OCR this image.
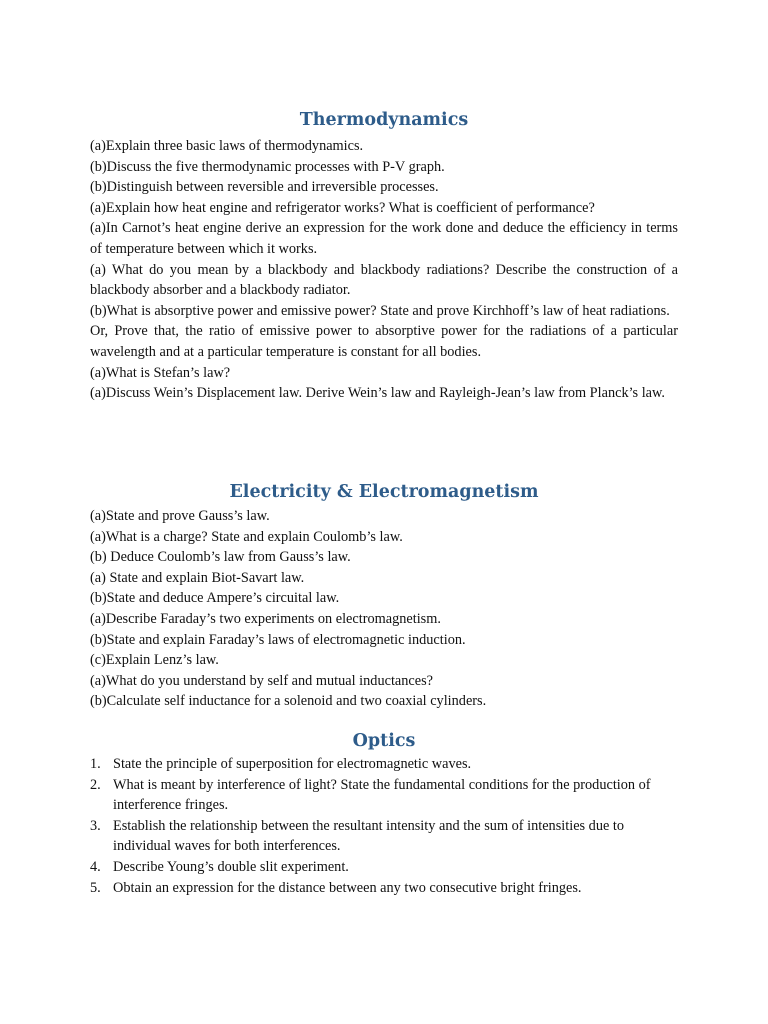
Thermodynamics

(a)Explain three basic laws of thermodynamics.

(b)Discuss the five thermodynamic processes with P-V graph.

(b)Distinguish between reversible and irreversible processes.

(a)Explain how heat engine and refrigerator works? What is coefficient of performance?

(a)In Carnot’s heat engine derive an expression for the work done and deduce the efficiency in terms of temperature between which it works.

(a) What do you mean by a blackbody and blackbody radiations? Describe the construction of a blackbody absorber and a blackbody radiator.

(b)What is absorptive power and emissive power? State and prove Kirchhoff’s law of heat radiations.

Or, Prove that, the ratio of emissive power to absorptive power for the radiations of a particular wavelength and at a particular temperature is constant for all bodies.

(a)What is Stefan’s law?

(a)Discuss Wein’s Displacement law. Derive Wein’s law and Rayleigh-Jean’s law from Planck’s law.

Electricity & Electromagnetism

(a)State and prove Gauss’s law.

(a)What is a charge? State and explain Coulomb’s law.

(b) Deduce Coulomb’s law from Gauss’s law.

(a) State and explain Biot-Savart law.

(b)State and deduce Ampere’s circuital law.

(a)Describe Faraday’s two experiments on electromagnetism.

(b)State and explain Faraday’s laws of electromagnetic induction.

(c)Explain Lenz’s law.

(a)What do you understand by self and mutual inductances?

(b)Calculate self inductance for a solenoid and two coaxial cylinders.

Optics
1. State the principle of superposition for electromagnetic waves.
2. What is meant by interference of light? State the fundamental conditions for the production of interference fringes.
3. Establish the relationship between the resultant intensity and the sum of intensities due to individual waves for both interferences.
4. Describe Young’s double slit experiment.
5. Obtain an expression for the distance between any two consecutive bright fringes.
